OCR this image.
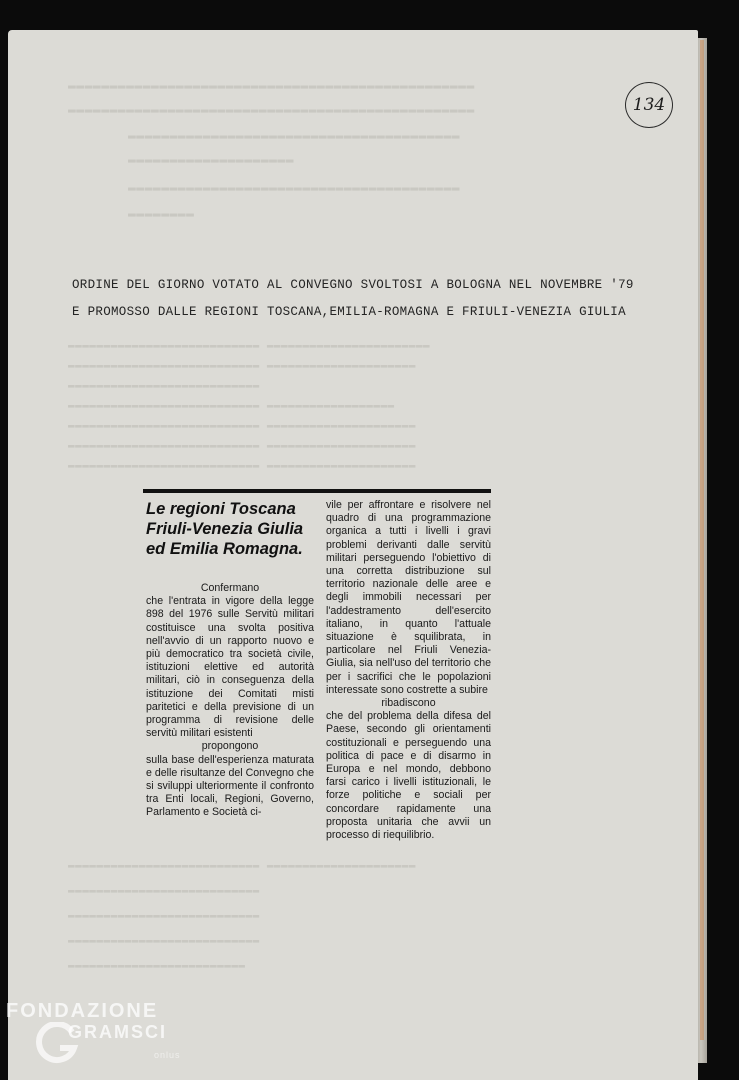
▬▬▬▬▬▬▬▬▬▬▬▬▬▬▬▬▬▬▬▬▬▬▬▬▬▬▬▬▬▬▬▬▬▬▬▬▬▬▬▬▬▬▬▬▬▬▬▬▬
▬▬▬▬▬▬▬▬▬▬▬▬▬▬▬▬▬▬▬▬▬▬▬▬▬▬▬▬▬▬▬▬▬▬▬▬▬▬▬▬▬▬▬▬▬▬▬▬▬
▬▬▬▬▬▬▬▬▬▬▬▬▬▬▬▬▬▬▬▬▬▬▬▬▬▬▬▬▬▬▬▬▬▬▬▬▬▬▬▬
▬▬▬▬▬▬▬▬▬▬▬▬▬▬▬▬▬▬▬▬
▬▬▬▬▬▬▬▬▬▬▬▬▬▬▬▬▬▬▬▬▬▬▬▬▬▬▬▬▬▬▬▬▬▬▬▬▬▬▬▬
▬▬▬▬▬▬▬▬
134
ORDINE DEL GIORNO VOTATO AL CONVEGNO SVOLTOSI A BOLOGNA NEL NOVEMBRE '79
E PROMOSSO DALLE REGIONI TOSCANA,EMILIA-ROMAGNA E FRIULI-VENEZIA GIULIA
▬▬▬▬▬▬▬▬▬▬▬▬▬▬▬▬▬▬▬▬▬▬▬▬▬▬▬ ▬▬▬▬▬▬▬▬▬▬▬▬▬▬▬▬▬▬▬▬▬▬▬
▬▬▬▬▬▬▬▬▬▬▬▬▬▬▬▬▬▬▬▬▬▬▬▬▬▬▬ ▬▬▬▬▬▬▬▬▬▬▬▬▬▬▬▬▬▬▬▬▬
▬▬▬▬▬▬▬▬▬▬▬▬▬▬▬▬▬▬▬▬▬▬▬▬▬▬▬
▬▬▬▬▬▬▬▬▬▬▬▬▬▬▬▬▬▬▬▬▬▬▬▬▬▬▬ ▬▬▬▬▬▬▬▬▬▬▬▬▬▬▬▬▬▬
▬▬▬▬▬▬▬▬▬▬▬▬▬▬▬▬▬▬▬▬▬▬▬▬▬▬▬ ▬▬▬▬▬▬▬▬▬▬▬▬▬▬▬▬▬▬▬▬▬
▬▬▬▬▬▬▬▬▬▬▬▬▬▬▬▬▬▬▬▬▬▬▬▬▬▬▬ ▬▬▬▬▬▬▬▬▬▬▬▬▬▬▬▬▬▬▬▬▬
▬▬▬▬▬▬▬▬▬▬▬▬▬▬▬▬▬▬▬▬▬▬▬▬▬▬▬ ▬▬▬▬▬▬▬▬▬▬▬▬▬▬▬▬▬▬▬▬▬
▬▬▬▬▬▬▬▬▬▬▬▬▬▬▬▬▬▬▬▬▬▬▬▬▬▬▬ ▬▬▬▬▬▬▬▬▬▬▬▬▬▬▬▬▬▬▬▬▬
▬▬▬▬▬▬▬▬▬▬▬▬▬▬▬▬▬▬▬▬▬▬▬▬▬▬▬
▬▬▬▬▬▬▬▬▬▬▬▬▬▬▬▬▬▬▬▬▬▬▬▬▬▬▬
▬▬▬▬▬▬▬▬▬▬▬▬▬▬▬▬▬▬▬▬▬▬▬▬▬▬▬
▬▬▬▬▬▬▬▬▬▬▬▬▬▬▬▬▬▬▬▬▬▬▬▬▬
Le regioni Toscana Friuli-Venezia Giulia ed Emilia Romagna.

Confermano

che l'entrata in vigore della legge 898 del 1976 sulle Servitù militari costituisce una svolta positiva nell'avvio di un rapporto nuovo e più democratico tra società civile, istituzioni elettive ed autorità militari, ciò in conseguenza della istituzione dei Comitati misti paritetici e della previsione di un programma di revisione delle servitù militari esistenti

propongono

sulla base dell'esperienza maturata e delle risultanze del Convegno che si sviluppi ulteriormente il confronto tra Enti locali, Regioni, Governo, Parlamento e Società ci-

vile per affrontare e risolvere nel quadro di una programmazione organica a tutti i livelli i gravi problemi derivanti dalle servitù militari perseguendo l'obiettivo di una corretta distribuzione sul territorio nazionale delle aree e degli immobili necessari per l'addestramento dell'esercito italiano, in quanto l'attuale situazione è squilibrata, in particolare nel Friuli Venezia-Giulia, sia nell'uso del territorio che per i sacrifici che le popolazioni interessate sono costrette a subire

ribadiscono

che del problema della difesa del Paese, secondo gli orientamenti costituzionali e perseguendo una politica di pace e di disarmo in Europa e nel mondo, debbono farsi carico i livelli istituzionali, le forze politiche e sociali per concordare rapidamente una proposta unitaria che avvii un processo di riequilibrio.

FONDAZIONE
GRAMSCI
onlus
